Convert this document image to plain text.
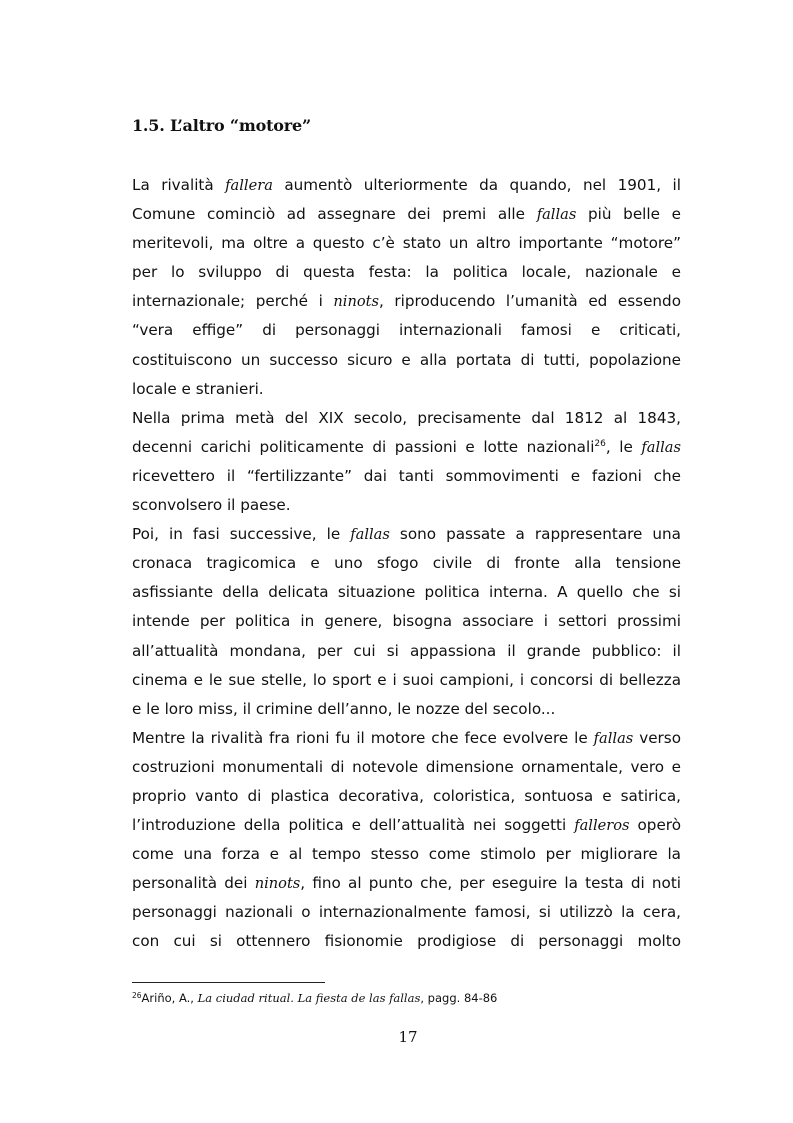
1.5. L’altro “motore”
La rivalità fallera aumentò ulteriormente da quando, nel 1901, il
Comune cominciò ad assegnare dei premi alle fallas più belle e
meritevoli, ma oltre a questo c’è stato un altro importante “motore”
per lo sviluppo di questa festa: la politica locale, nazionale e
internazionale; perché i ninots, riproducendo l’umanità ed essendo
“vera effige” di personaggi internazionali famosi e criticati,
costituiscono un successo sicuro e alla portata di tutti, popolazione
locale e stranieri.
Nella prima metà del XIX secolo, precisamente dal 1812 al 1843,
decenni carichi politicamente di passioni e lotte nazionali$^{26}$, le fallas
ricevettero il “fertilizzante” dai tanti sommovimenti e fazioni che
sconvolsero il paese.
Poi, in fasi successive, le fallas sono passate a rappresentare una
cronaca tragicomica e uno sfogo civile di fronte alla tensione
asfissiante della delicata situazione politica interna. A quello che si
intende per politica in genere, bisogna associare i settori prossimi
all’attualità mondana, per cui si appassiona il grande pubblico: il
cinema e le sue stelle, lo sport e i suoi campioni, i concorsi di bellezza
e le loro miss, il crimine dell’anno, le nozze del secolo...
Mentre la rivalità fra rioni fu il motore che fece evolvere le fallas verso
costruzioni monumentali di notevole dimensione ornamentale, vero e
proprio vanto di plastica decorativa, coloristica, sontuosa e satirica,
l’introduzione della politica e dell’attualità nei soggetti falleros operò
come una forza e al tempo stesso come stimolo per migliorare la
personalità dei ninots, fino al punto che, per eseguire la testa di noti
personaggi nazionali o internazionalmente famosi, si utilizzò la cera,
con cui si ottennero fisionomie prodigiose di personaggi molto
$^{26}$Ariño, A., La ciudad ritual. La fiesta de las fallas, pagg. 84-86
17
